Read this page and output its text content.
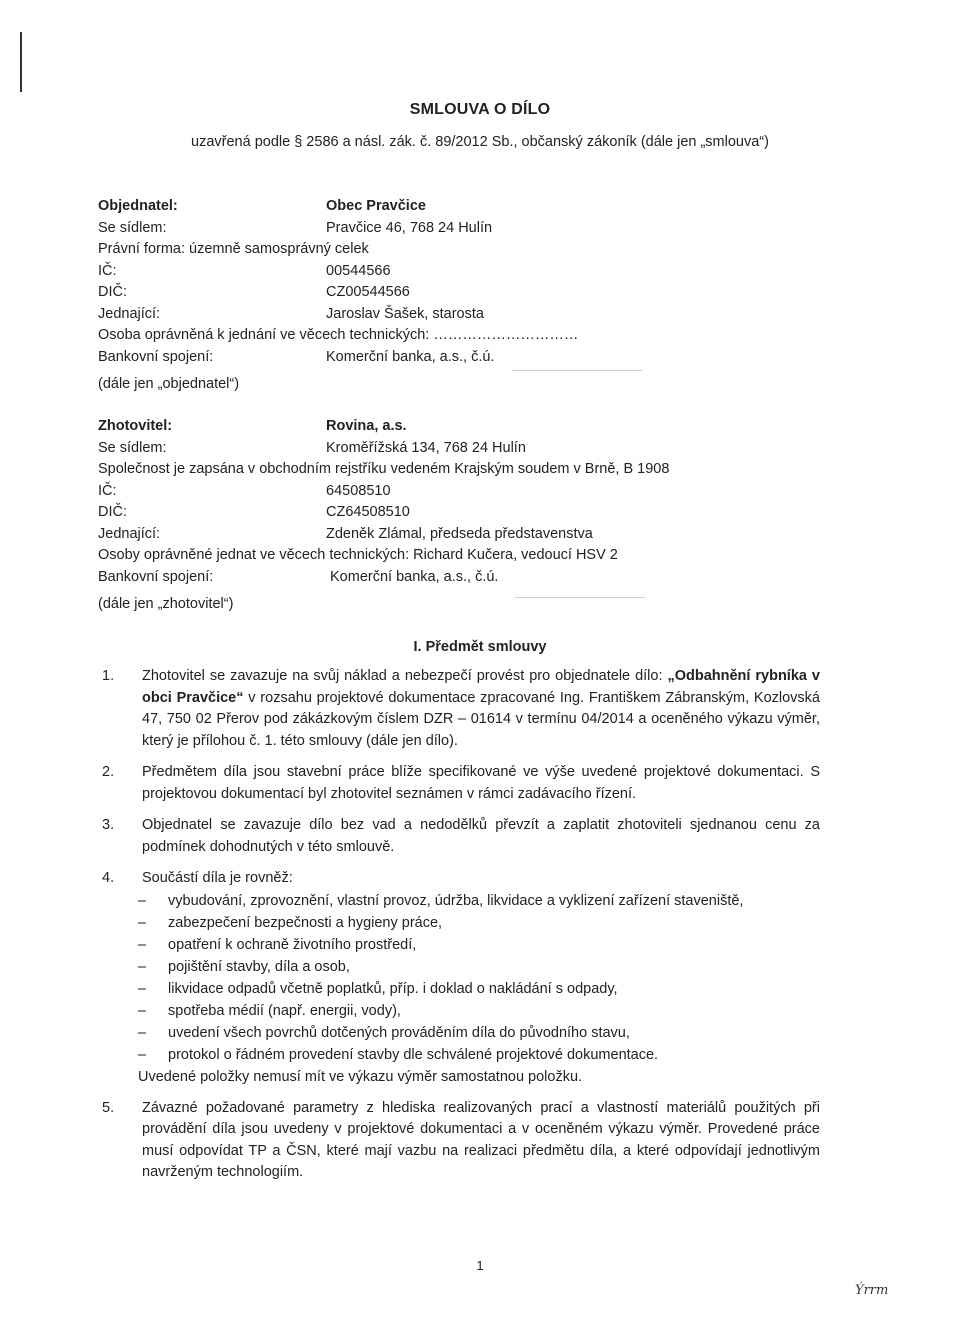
SMLOUVA O DÍLO
uzavřená podle § 2586 a násl. zák. č. 89/2012 Sb., občanský zákoník (dále jen „smlouva“)
Objednatel:	Obec Pravčice
Se sídlem:	Pravčice 46, 768 24 Hulín
Právní forma: územně samosprávný celek
IČ:	00544566
DIČ:	CZ00544566
Jednající:	Jaroslav Šašek, starosta
Osoba oprávněná k jednání ve věcech technických: …………………………
Bankovní spojení:	Komerční banka, a.s., č.ú.
(dále jen „objednatel“)
Zhotovitel:	Rovina, a.s.
Se sídlem:	Kroměřížská 134, 768 24 Hulín
Společnost je zapsána v obchodním rejstříku vedeném Krajským soudem v Brně, B 1908
IČ:	64508510
DIČ:	CZ64508510
Jednající:	Zdeněk Zlámal, předseda představenstva
Osoby oprávněné jednat ve věcech technických: Richard Kučera, vedoucí HSV 2
Bankovní spojení:	Komerční banka, a.s., č.ú.
(dále jen „zhotovitel“)
I. Předmět smlouvy
1. Zhotovitel se zavazuje na svůj náklad a nebezpečí provést pro objednatele dílo: „Odbahnění rybníka v obci Pravčice“ v rozsahu projektové dokumentace zpracované Ing. Františkem Zábranským, Kozlovská 47, 750 02 Přerov pod zákázkovým číslem DZR – 01614 v termínu 04/2014 a oceněného výkazu výměr, který je přílohou č. 1. této smlouvy (dále jen dílo).
2. Předmětem díla jsou stavební práce blíže specifikované ve výše uvedené projektové dokumentaci. S projektovou dokumentací byl zhotovitel seznámen v rámci zadávacího řízení.
3. Objednatel se zavazuje dílo bez vad a nedodělků převzít a zaplatit zhotoviteli sjednanou cenu za podmínek dohodnutých v této smlouvě.
4. Součástí díla je rovněž:
– vybudování, zprovoznění, vlastní provoz, údržba, likvidace a vyklizení zařízení staveniště,
– zabezpečení bezpečnosti a hygieny práce,
– opatření k ochraně životního prostředí,
– pojištění stavby, díla a osob,
– likvidace odpadů včetně poplatků, příp. i doklad o nakládání s odpady,
– spotřeba médií (např. energii, vody),
– uvedení všech povrchů dotčených prováděním díla do původního stavu,
– protokol o řádném provedení stavby dle schválené projektové dokumentace.
Uvedené položky nemusí mít ve výkazu výměr samostatnou položku.
5. Závazné požadované parametry z hlediska realizovaných prací a vlastností materiálů použitých při provádění díla jsou uvedeny v projektové dokumentaci a v oceněném výkazu výměr. Provedené práce musí odpovídat TP a ČSN, které mají vazbu na realizaci předmětu díla, a které odpovídají jednotlivým navrženým technologiím.
1
Ýrrm
